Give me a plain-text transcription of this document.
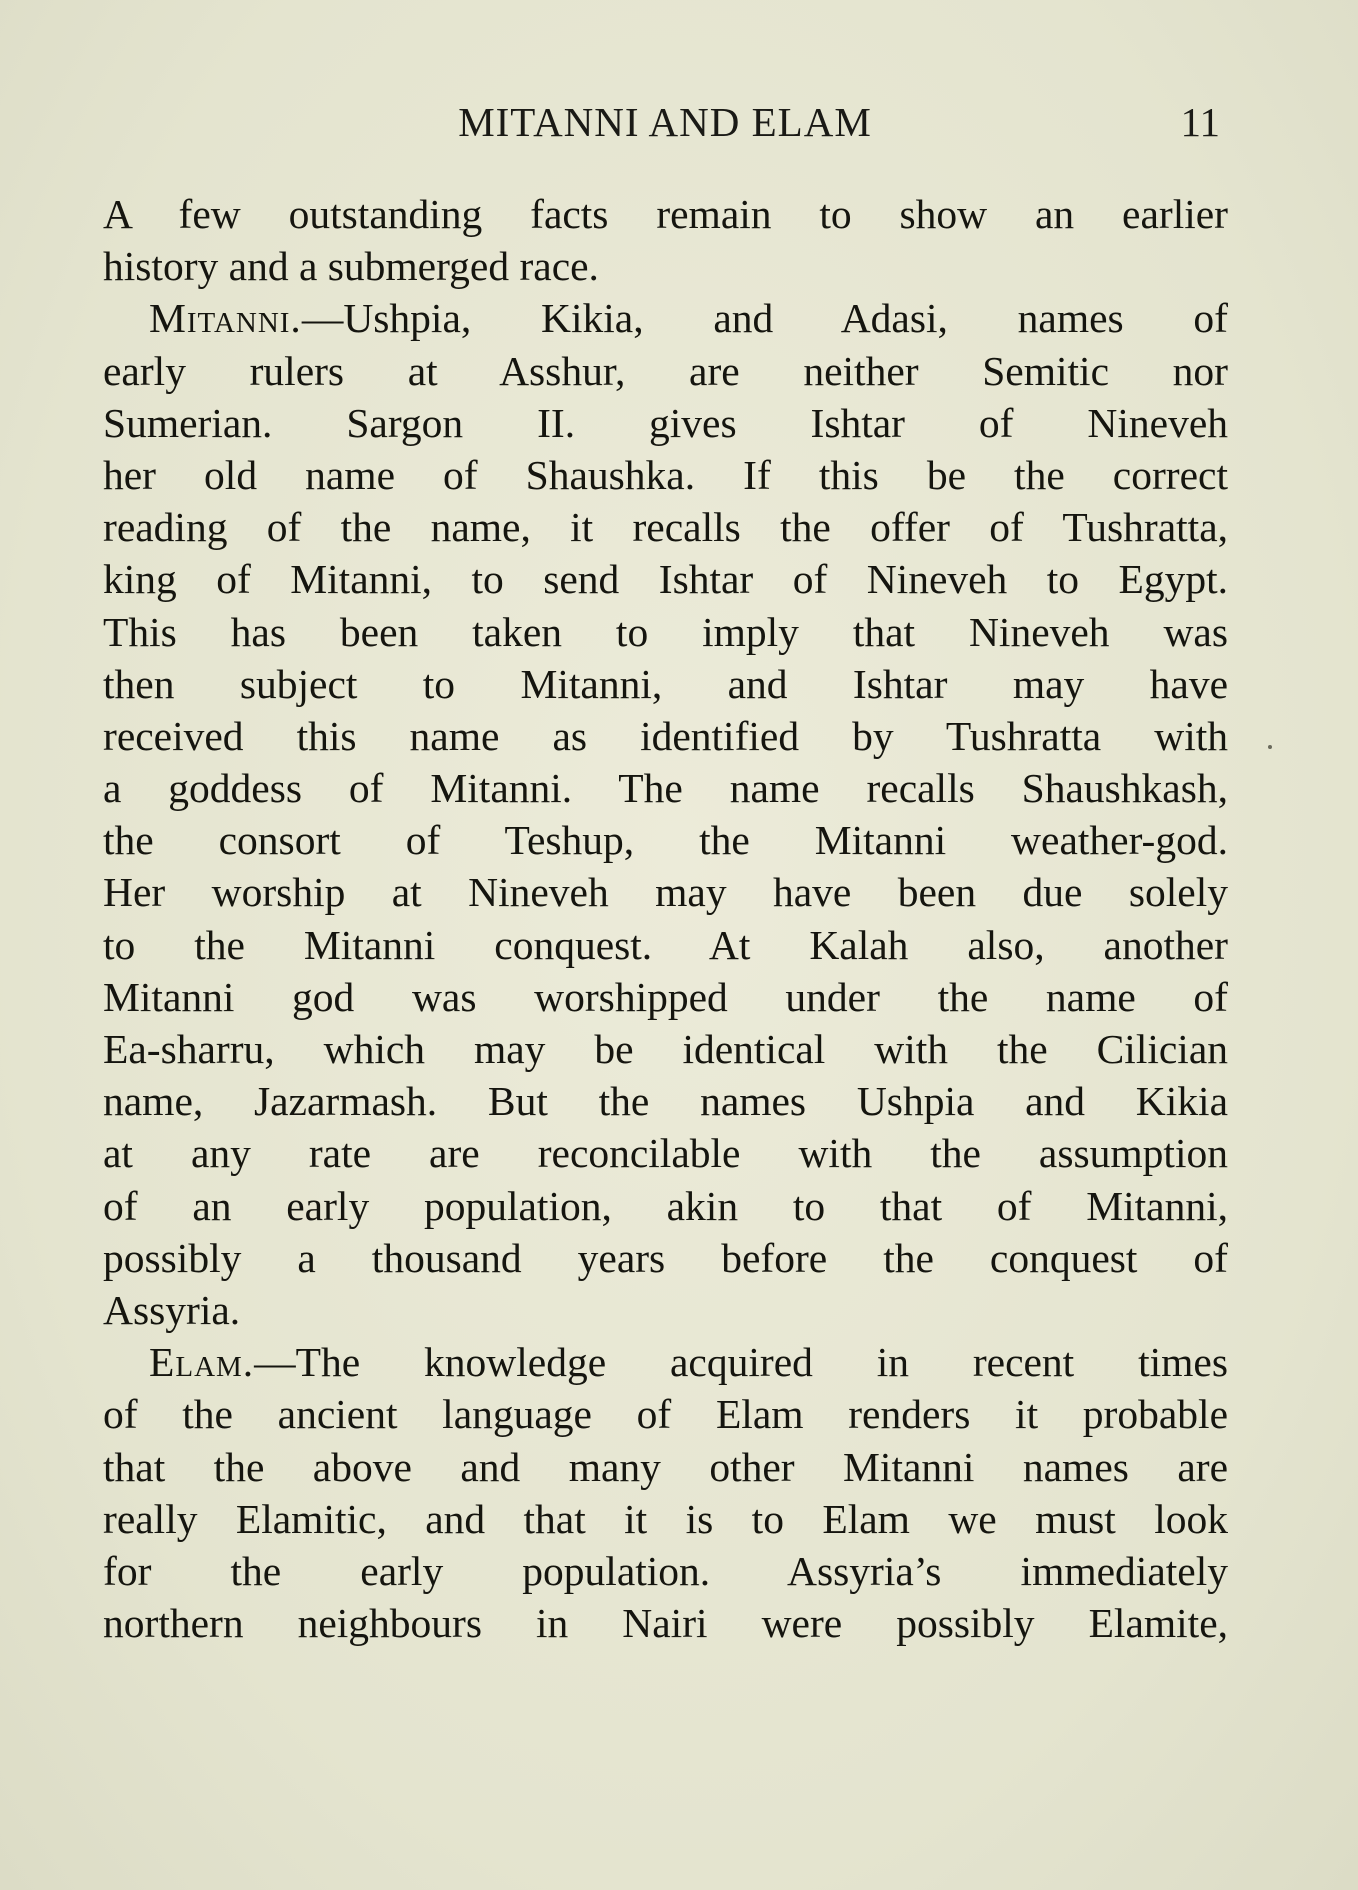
MITANNI AND ELAM	11
A few outstanding facts remain to show an earlier
history and a submerged race.
Mitanni.—Ushpia, Kikia, and Adasi, names of
early rulers at Asshur, are neither Semitic nor
Sumerian. Sargon II. gives Ishtar of Nineveh
her old name of Shaushka. If this be the correct
reading of the name, it recalls the offer of Tushratta,
king of Mitanni, to send Ishtar of Nineveh to Egypt.
This has been taken to imply that Nineveh was
then subject to Mitanni, and Ishtar may have
received this name as identified by Tushratta with
a goddess of Mitanni. The name recalls Shaushkash,
the consort of Teshup, the Mitanni weather-god.
Her worship at Nineveh may have been due solely
to the Mitanni conquest. At Kalah also, another
Mitanni god was worshipped under the name of
Ea-sharru, which may be identical with the Cilician
name, Jazarmash. But the names Ushpia and Kikia
at any rate are reconcilable with the assumption
of an early population, akin to that of Mitanni,
possibly a thousand years before the conquest of
Assyria.
Elam.—The knowledge acquired in recent times
of the ancient language of Elam renders it probable
that the above and many other Mitanni names are
really Elamitic, and that it is to Elam we must look
for the early population. Assyria’s immediately
northern neighbours in Nairi were possibly Elamite,
